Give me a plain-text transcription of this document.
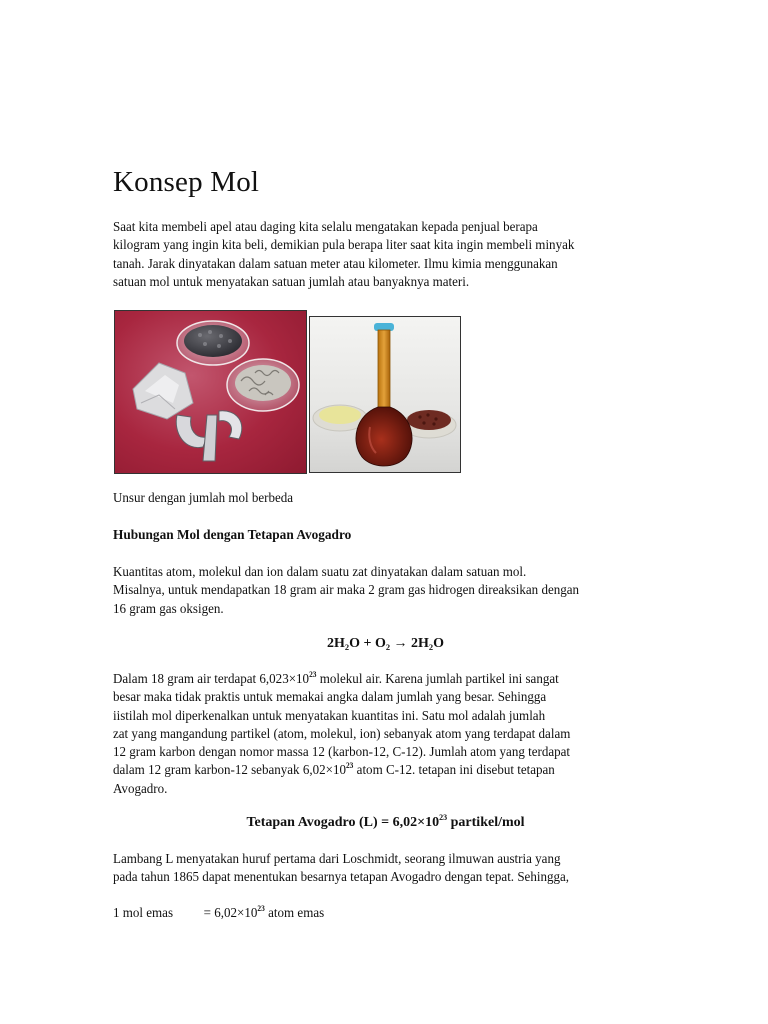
Konsep Mol

Saat kita membeli apel atau daging kita selalu mengatakan kepada penjual berapa
kilogram yang ingin kita beli, demikian pula berapa liter saat kita ingin membeli minyak
tanah. Jarak dinyatakan dalam satuan meter atau kilometer. Ilmu kimia menggunakan
satuan mol untuk menyatakan satuan jumlah atau banyaknya materi.

Unsur dengan jumlah mol berbeda

Hubungan Mol dengan Tetapan Avogadro

Kuantitas atom, molekul dan ion dalam suatu zat dinyatakan dalam satuan mol.
Misalnya, untuk mendapatkan 18 gram air maka 2 gram gas hidrogen direaksikan dengan
16 gram gas oksigen.

2H₂O + O₂ → 2H₂O

Dalam 18 gram air terdapat $6,023\times 10^{23}$ molekul air. Karena jumlah partikel ini sangat
besar maka tidak praktis untuk memakai angka dalam jumlah yang besar. Sehingga
iistilah mol diperkenalkan untuk menyatakan kuantitas ini. Satu mol adalah jumlah
zat yang mangandung partikel (atom, molekul, ion) sebanyak atom yang terdapat dalam
12 gram karbon dengan nomor massa 12 (karbon-12, C-12). Jumlah atom yang terdapat
dalam 12 gram karbon-12 sebanyak $6,02\times 10^{23}$ atom C-12. tetapan ini disebut tetapan
Avogadro.

Tetapan Avogadro $(L) = 6,02\times 10^{23}$ partikel/mol

Lambang L menyatakan huruf pertama dari Loschmidt, seorang ilmuwan austria yang
pada tahun 1865 dapat menentukan besarnya tetapan Avogadro dengan tepat. Sehingga,

1 mol emas = $6,02\times 10^{23}$ atom emas
